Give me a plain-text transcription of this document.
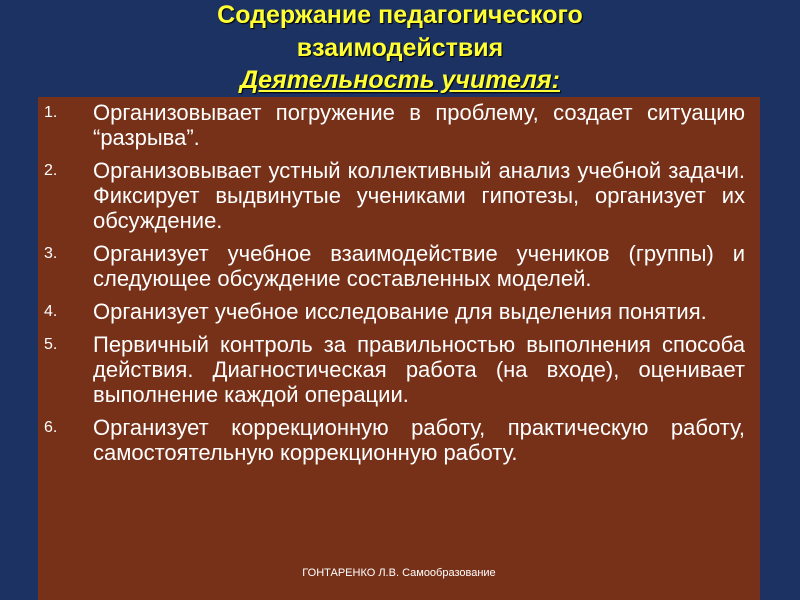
Содержание педагогического
взаимодействия
Деятельность учителя:
1. Организовывает погружение в проблему, создает ситуацию “разрыва”.
2. Организовывает устный коллективный анализ учебной задачи. Фиксирует выдвинутые учениками гипотезы, организует их обсуждение.
3. Организует учебное взаимодействие учеников (группы) и следующее обсуждение составленных моделей.
4. Организует учебное исследование для выделения понятия.
5. Первичный контроль за правильностью выполнения способа действия. Диагностическая работа (на входе), оценивает выполнение каждой операции.
6. Организует коррекционную работу, практическую работу, самостоятельную коррекционную работу.
ГОНТАРЕНКО Л.В. Самообразование
